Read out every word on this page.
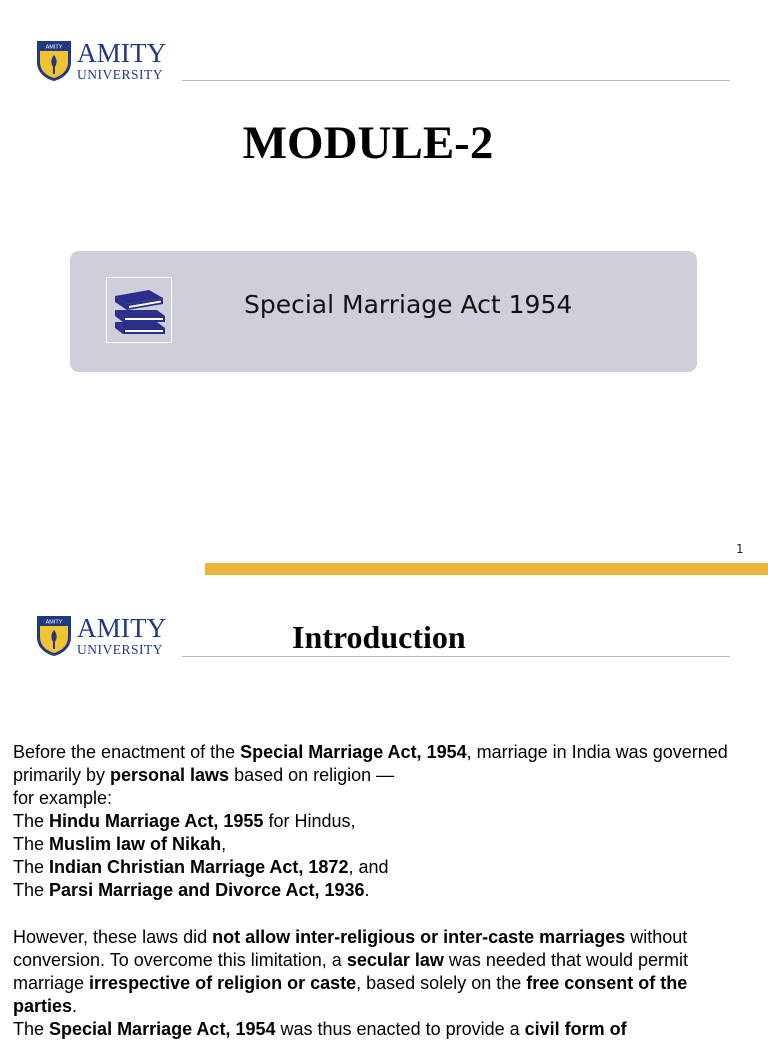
AMITY AMITY
UNIVERSITY
MODULE-2
Special Marriage Act 1954
1
AMITY AMITY
UNIVERSITY	Introduction

Before the enactment of the Special Marriage Act, 1954, marriage in India was governed primarily by personal laws based on religion —

for example:

The Hindu Marriage Act, 1955 for Hindus,

The Muslim law of Nikah,

The Indian Christian Marriage Act, 1872, and

The Parsi Marriage and Divorce Act, 1936.

However, these laws did not allow inter-religious or inter-caste marriages without conversion. To overcome this limitation, a secular law was needed that would permit marriage irrespective of religion or caste, based solely on the free consent of the parties.

The Special Marriage Act, 1954 was thus enacted to provide a civil form of
